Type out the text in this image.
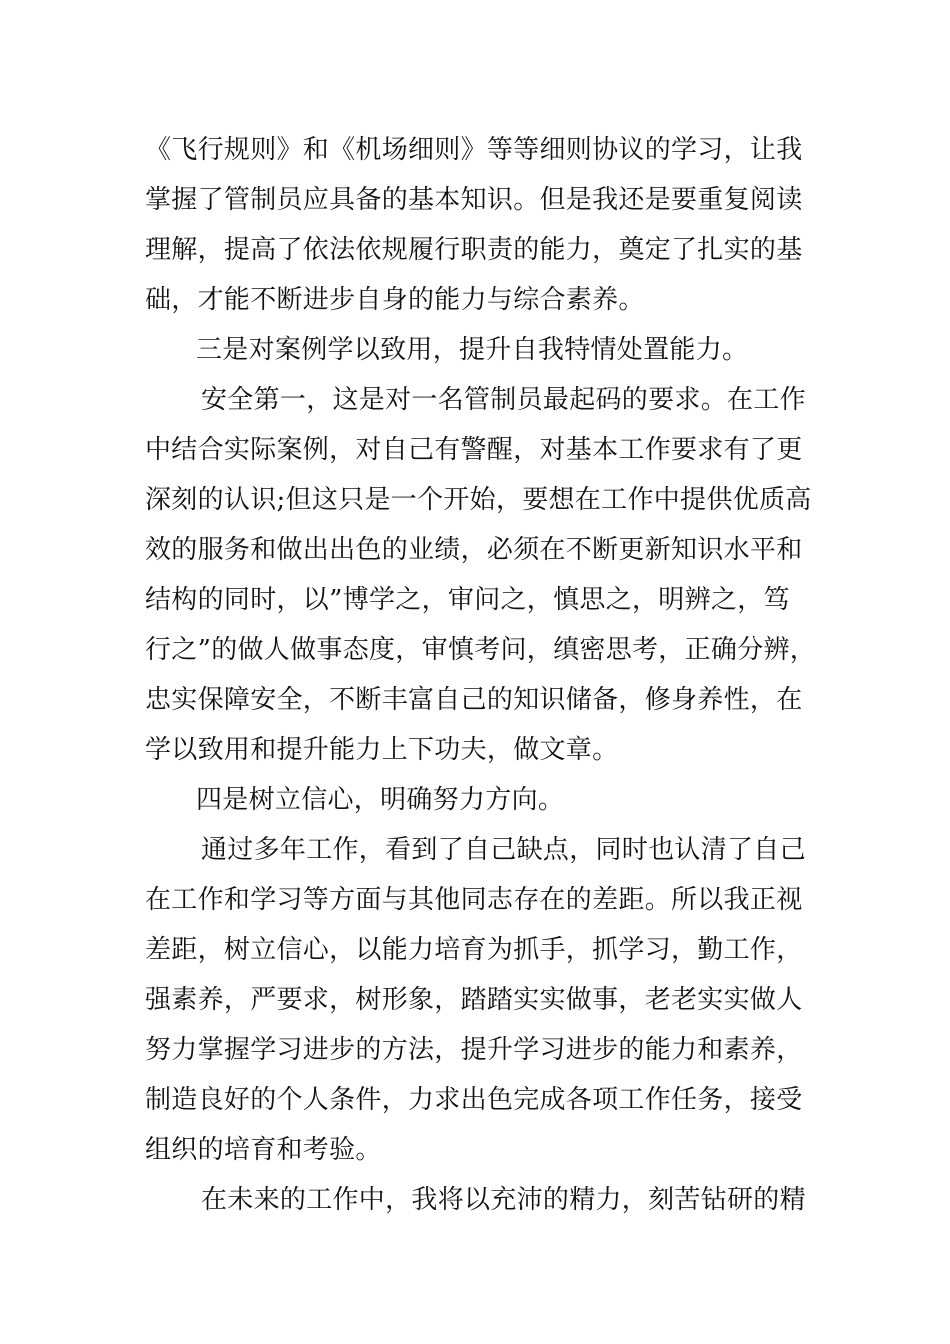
《飞行规则》和《机场细则》等等细则协议的学习，让我
掌握了管制员应具备的基本知识。但是我还是要重复阅读
理解，提高了依法依规履行职责的能力，奠定了扎实的基
础，才能不断进步自身的能力与综合素养。
三是对案例学以致用，提升自我特情处置能力。
安全第一，这是对一名管制员最起码的要求。在工作
中结合实际案例，对自己有警醒，对基本工作要求有了更
深刻的认识;但这只是一个开始，要想在工作中提供优质高
效的服务和做出出色的业绩，必须在不断更新知识水平和
结构的同时，以”博学之，审问之，慎思之，明辨之，笃
行之”的做人做事态度，审慎考问，缜密思考，正确分辨，
忠实保障安全，不断丰富自己的知识储备，修身养性，在
学以致用和提升能力上下功夫，做文章。
四是树立信心，明确努力方向。
通过多年工作，看到了自己缺点，同时也认清了自己
在工作和学习等方面与其他同志存在的差距。所以我正视
差距，树立信心，以能力培育为抓手，抓学习，勤工作，
强素养，严要求，树形象，踏踏实实做事，老老实实做人
努力掌握学习进步的方法，提升学习进步的能力和素养，
制造良好的个人条件，力求出色完成各项工作任务，接受
组织的培育和考验。
在未来的工作中，我将以充沛的精力，刻苦钻研的精
